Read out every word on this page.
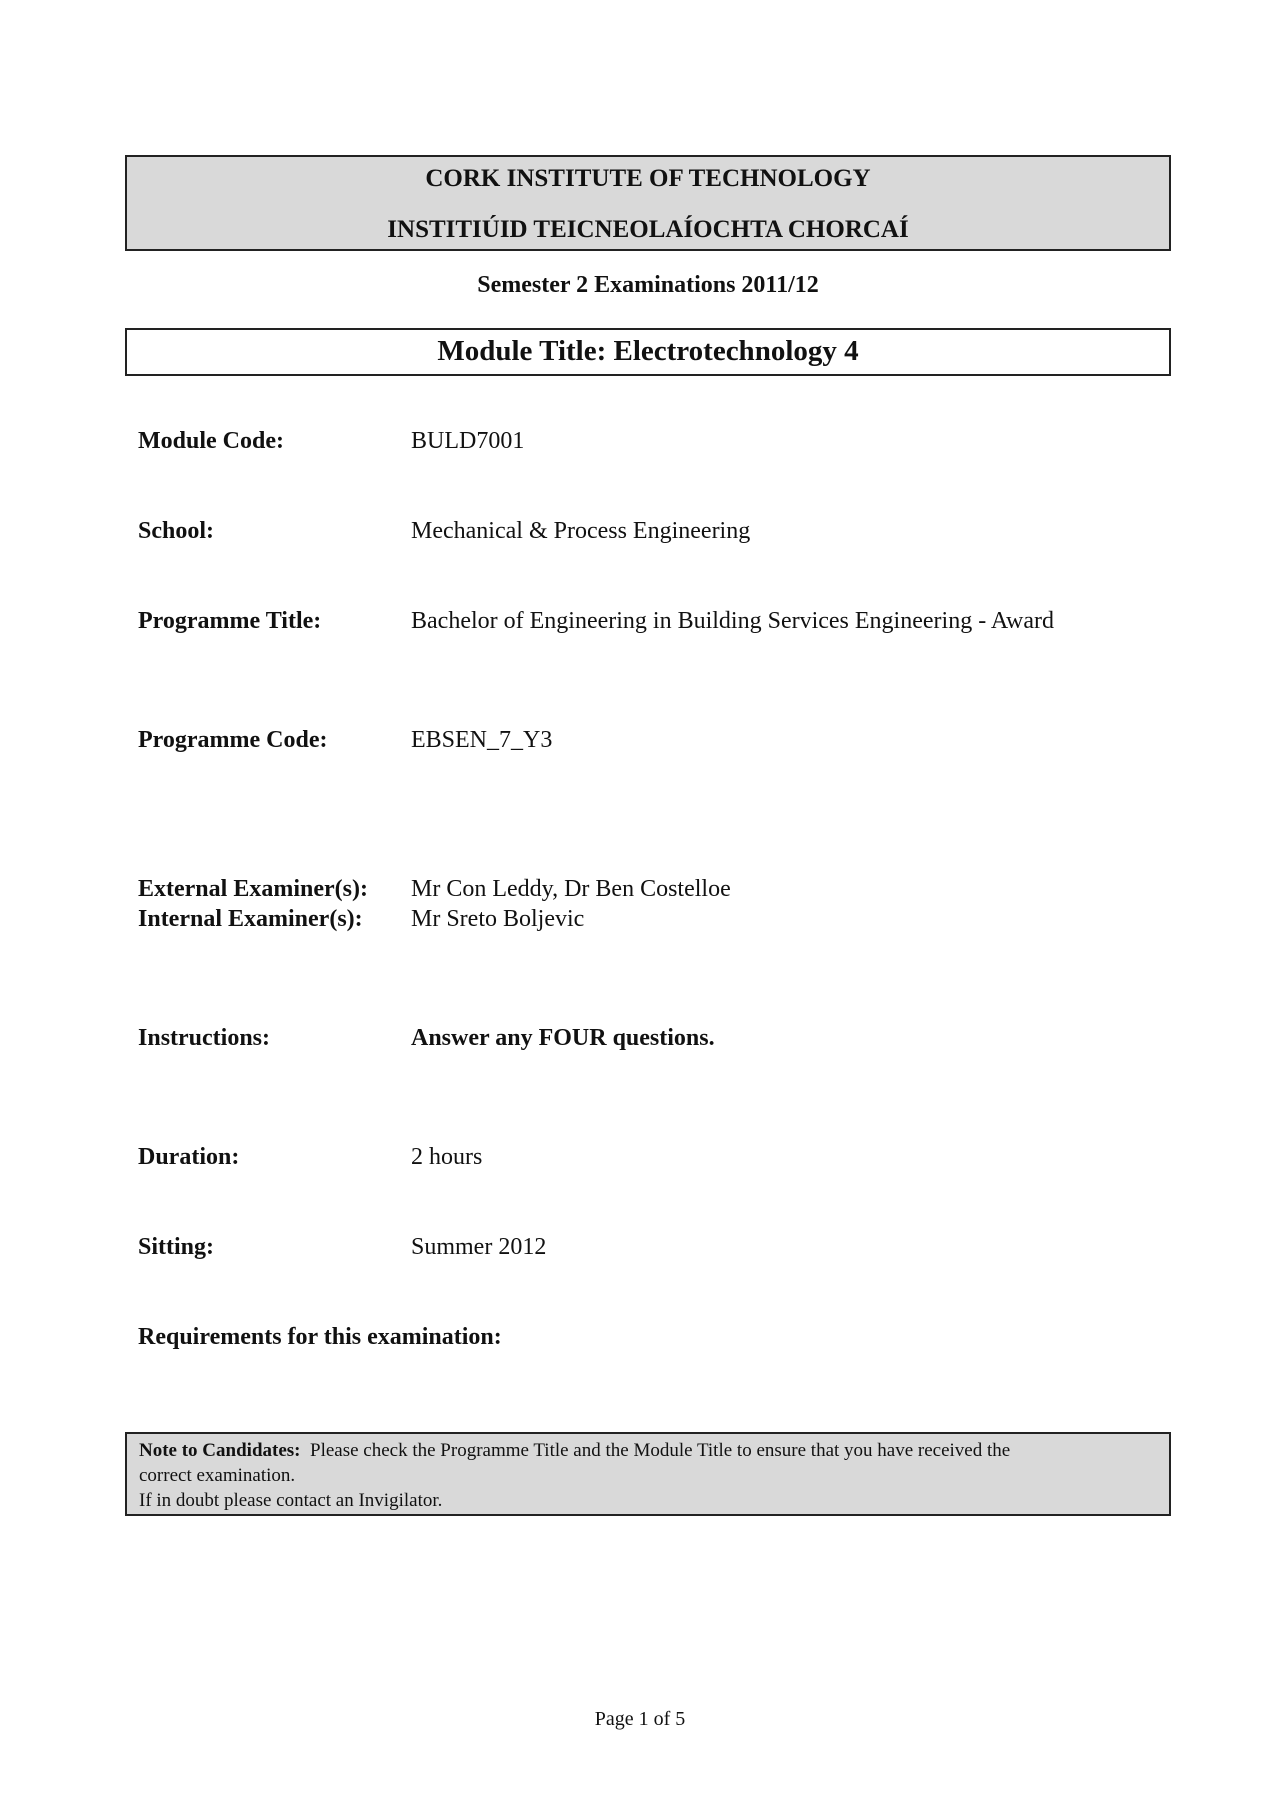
CORK INSTITUTE OF TECHNOLOGY
INSTITIÚID TEICNEOLAÍOCHTA CHORCAÍ
Semester 2 Examinations 2011/12
Module Title: Electrotechnology 4
Module Code:	BULD7001
School:	Mechanical & Process Engineering
Programme Title:	Bachelor of Engineering in Building Services Engineering - Award
Programme Code:	EBSEN_7_Y3
External Examiner(s): Mr Con Leddy, Dr Ben Costelloe
Internal Examiner(s): Mr Sreto Boljevic
Instructions:	Answer any FOUR questions.
Duration:	2 hours
Sitting:	Summer 2012
Requirements for this examination:
Note to Candidates: Please check the Programme Title and the Module Title to ensure that you have received the
correct examination.
If in doubt please contact an Invigilator.
Page 1 of 5
